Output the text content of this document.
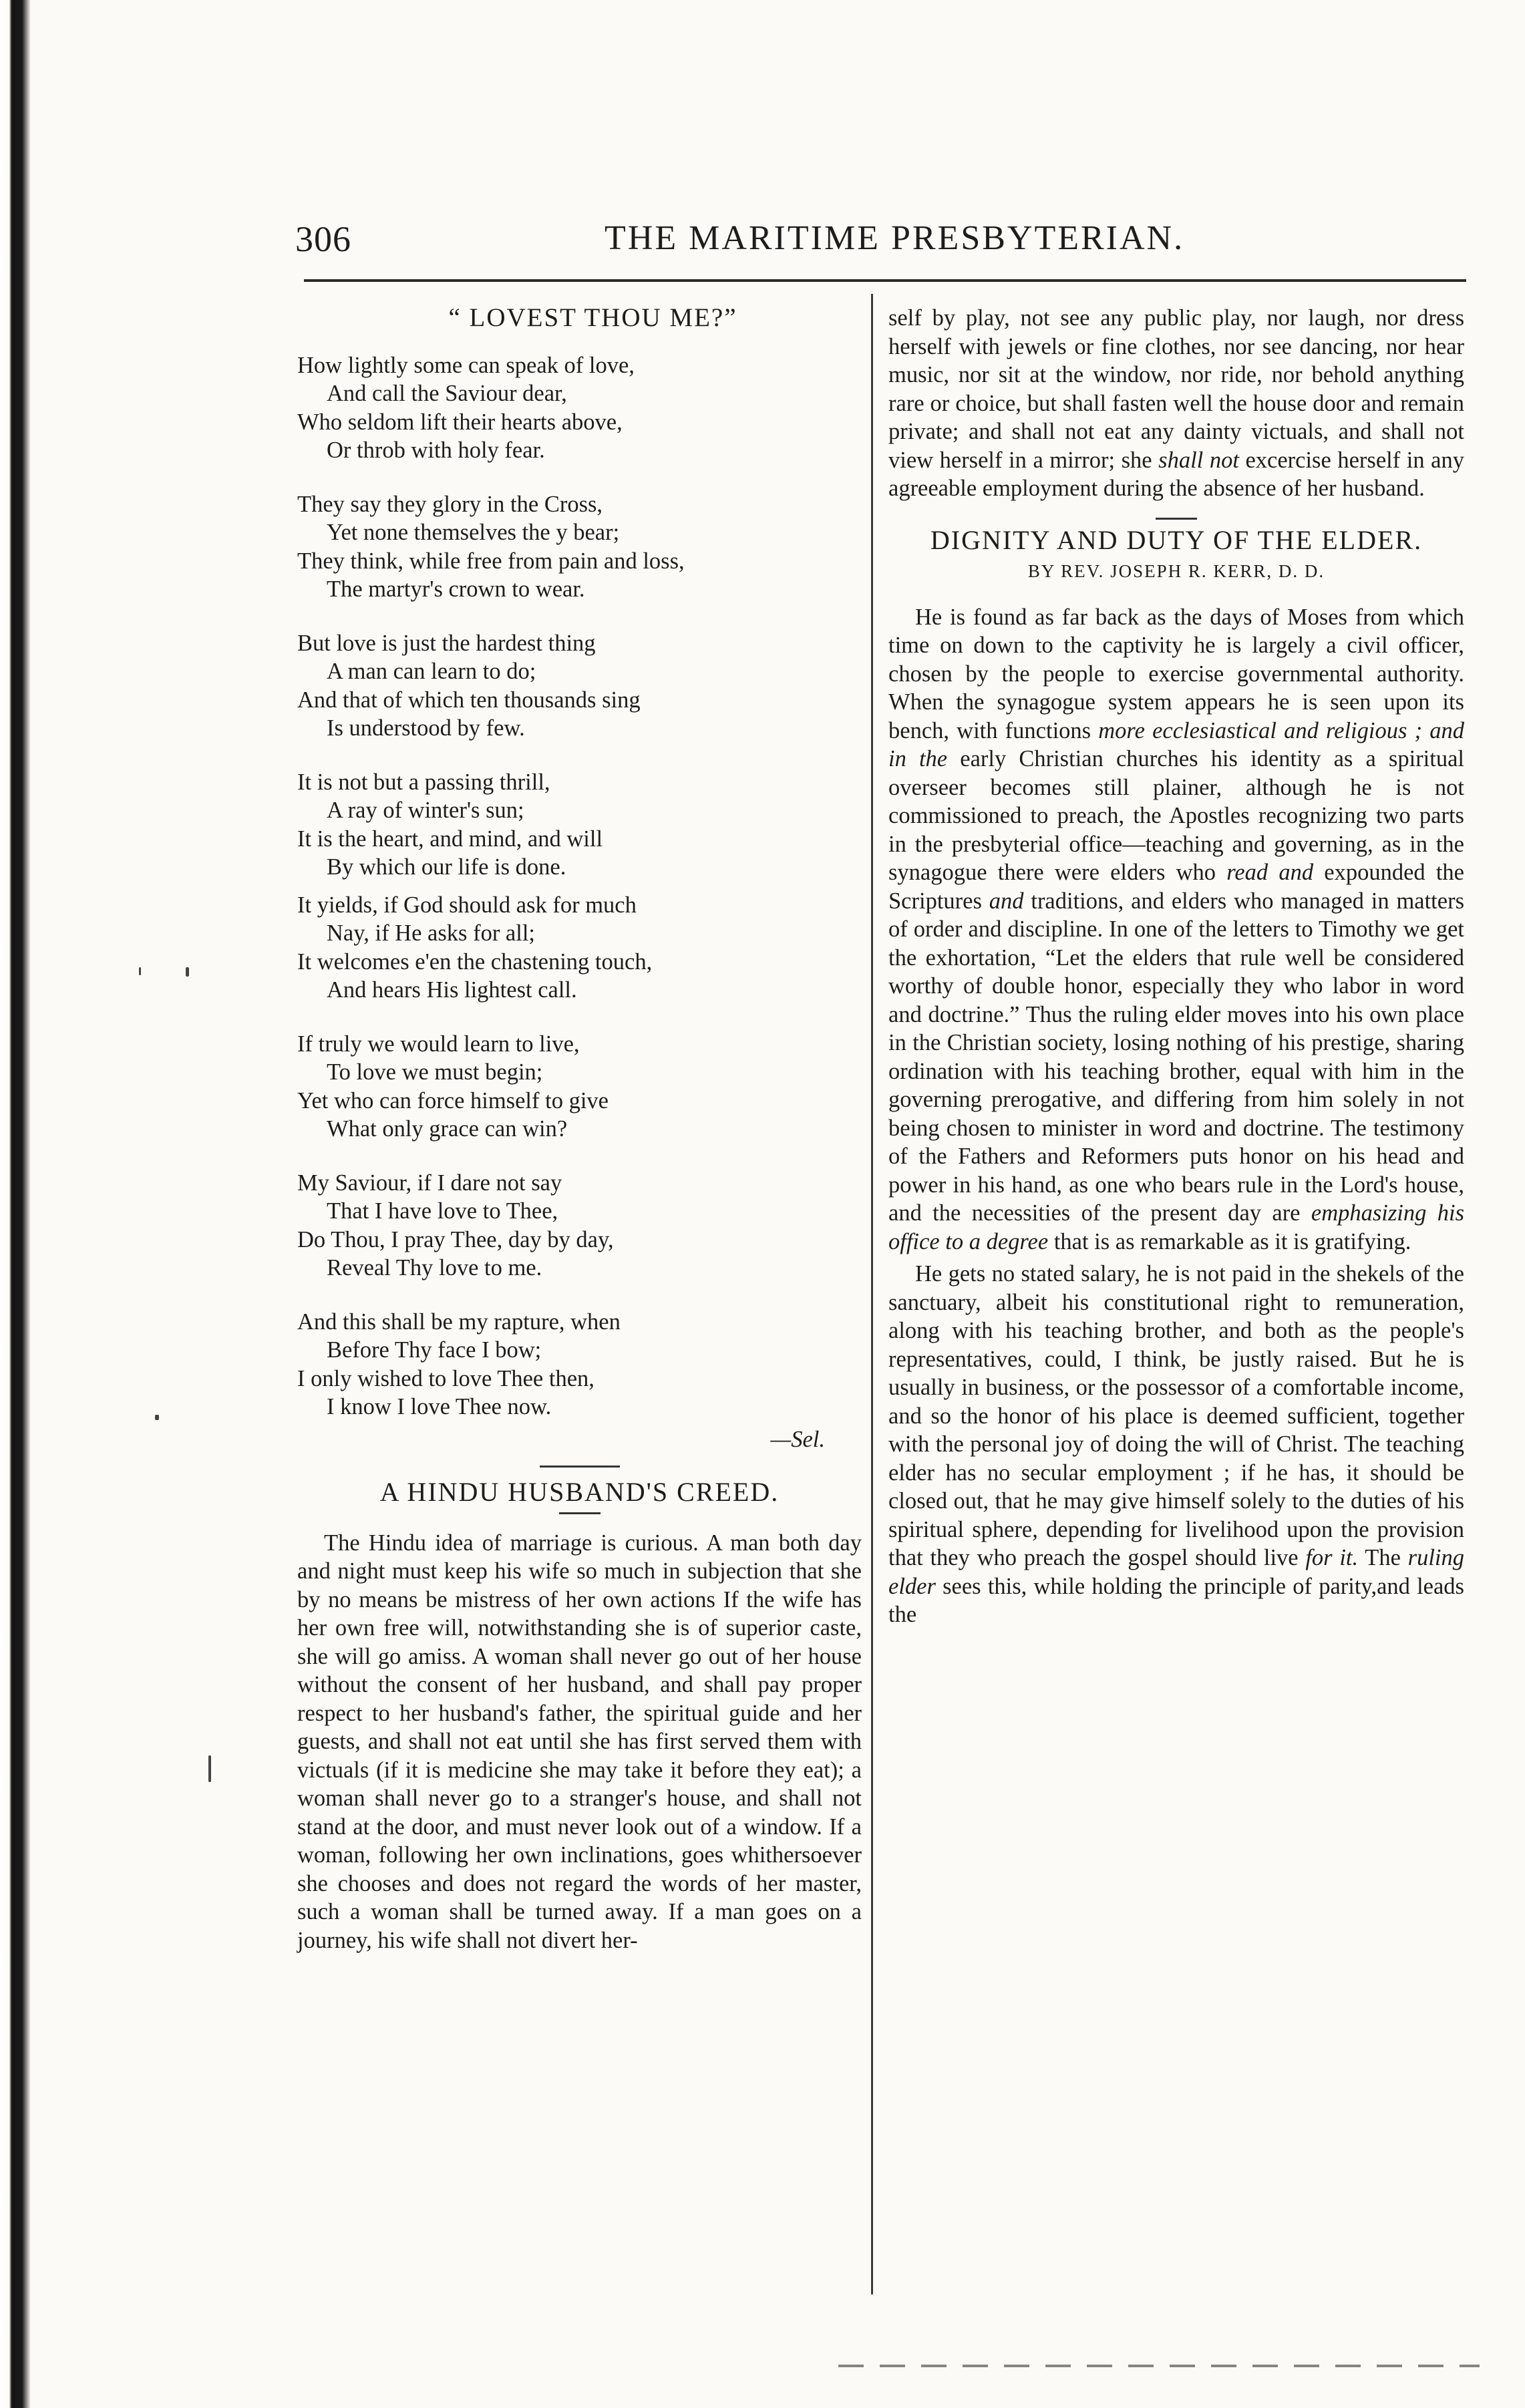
306	THE MARITIME PRESBYTERIAN.
“ LOVEST THOU ME?”
How lightly some can speak of love,
And call the Saviour dear,
Who seldom lift their hearts above,
Or throb with holy fear.
They say they glory in the Cross,
Yet none themselves the y bear;
They think, while free from pain and loss,
The martyr's crown to wear.
But love is just the hardest thing
A man can learn to do;
And that of which ten thousands sing
Is understood by few.
It is not but a passing thrill,
A ray of winter's sun;
It is the heart, and mind, and will
By which our life is done.
It yields, if God should ask for much
Nay, if He asks for all;
It welcomes e'en the chastening touch,
And hears His lightest call.
If truly we would learn to live,
To love we must begin;
Yet who can force himself to give
What only grace can win?
My Saviour, if I dare not say
That I have love to Thee,
Do Thou, I pray Thee, day by day,
Reveal Thy love to me.
And this shall be my rapture, when
Before Thy face I bow;
I only wished to love Thee then,
I know I love Thee now.
—Sel.
A HINDU HUSBAND'S CREED.
The Hindu idea of marriage is curious. A man both day and night must keep his wife so much in subjection that she by no means be mistress of her own actions If the wife has her own free will, notwithstanding she is of superior caste, she will go amiss. A woman shall never go out of her house without the consent of her husband, and shall pay proper respect to her husband's father, the spiritual guide and her guests, and shall not eat until she has first served them with victuals (if it is medicine she may take it before they eat); a woman shall never go to a stranger's house, and shall not stand at the door, and must never look out of a window. If a woman, following her own inclinations, goes whithersoever she chooses and does not regard the words of her master, such a woman shall be turned away. If a man goes on a journey, his wife shall not divert her-
self by play, not see any public play, nor laugh, nor dress herself with jewels or fine clothes, nor see dancing, nor hear music, nor sit at the window, nor ride, nor behold anything rare or choice, but shall fasten well the house door and remain private; and shall not eat any dainty victuals, and shall not view herself in a mirror; she shall not excercise herself in any agreeable employment during the absence of her husband.
DIGNITY AND DUTY OF THE ELDER.
BY REV. JOSEPH R. KERR, D. D.
He is found as far back as the days of Moses from which time on down to the captivity he is largely a civil officer, chosen by the people to exercise governmental authority. When the synagogue system appears he is seen upon its bench, with functions more ecclesiastical and religious ; and in the early Christian churches his identity as a spiritual overseer becomes still plainer, although he is not commissioned to preach, the Apostles recognizing two parts in the presbyterial office—teaching and governing, as in the synagogue there were elders who read and expounded the Scriptures and traditions, and elders who managed in matters of order and discipline. In one of the letters to Timothy we get the exhortation, “Let the elders that rule well be considered worthy of double honor, especially they who labor in word and doctrine.” Thus the ruling elder moves into his own place in the Christian society, losing nothing of his prestige, sharing ordination with his teaching brother, equal with him in the governing prerogative, and differing from him solely in not being chosen to minister in word and doctrine. The testimony of the Fathers and Reformers puts honor on his head and power in his hand, as one who bears rule in the Lord's house, and the necessities of the present day are emphasizing his office to a degree that is as remarkable as it is gratifying.
He gets no stated salary, he is not paid in the shekels of the sanctuary, albeit his constitutional right to remuneration, along with his teaching brother, and both as the people's representatives, could, I think, be justly raised. But he is usually in business, or the possessor of a comfortable income, and so the honor of his place is deemed sufficient, together with the personal joy of doing the will of Christ. The teaching elder has no secular employment ; if he has, it should be closed out, that he may give himself solely to the duties of his spiritual sphere, depending for livelihood upon the provision that they who preach the gospel should live for it. The ruling elder sees this, while holding the principle of parity,and leads the
